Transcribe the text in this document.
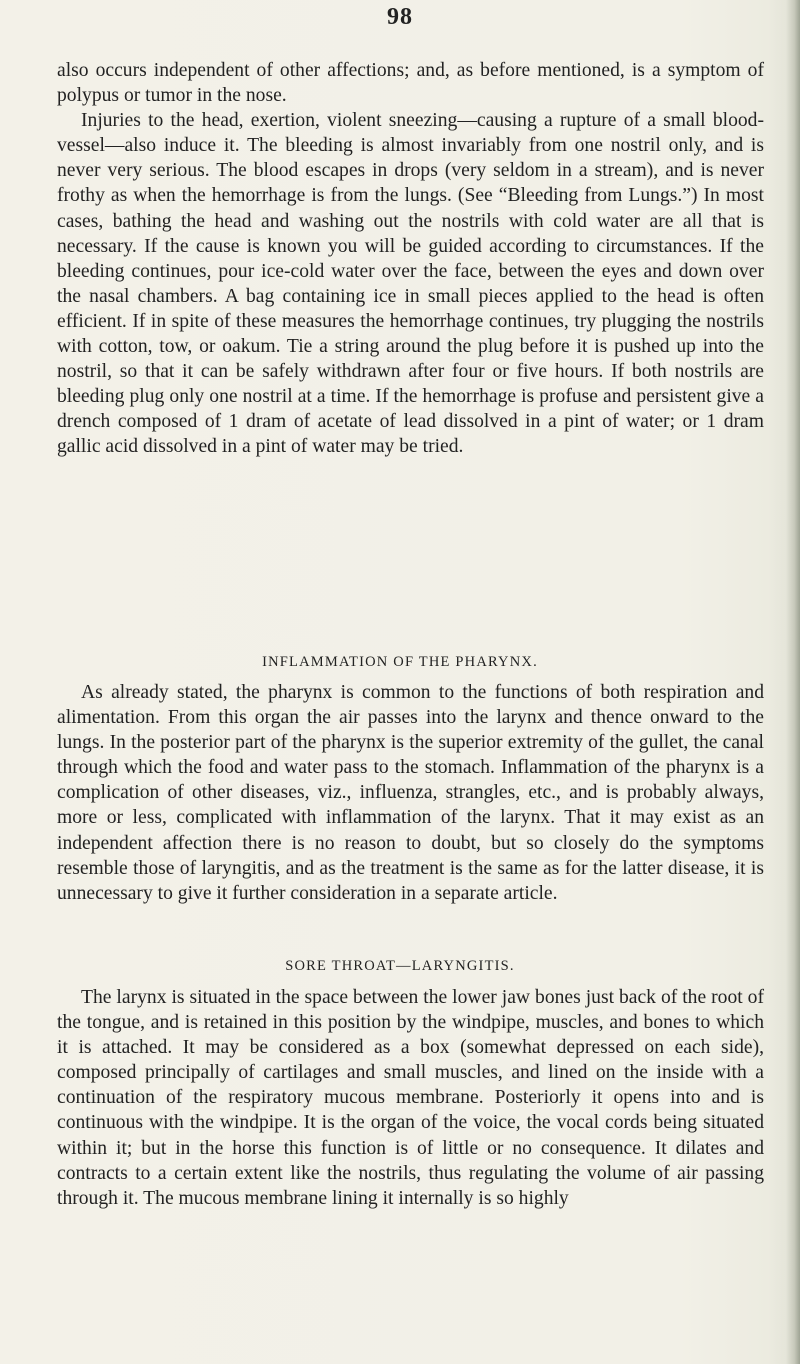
98

also occurs independent of other affections; and, as before mentioned, is a symptom of polypus or tumor in the nose.

Injuries to the head, exertion, violent sneezing—causing a rupture of a small blood-vessel—also induce it. The bleeding is almost invariably from one nostril only, and is never very serious. The blood escapes in drops (very seldom in a stream), and is never frothy as when the hemorrhage is from the lungs. (See “Bleeding from Lungs.”) In most cases, bathing the head and washing out the nostrils with cold water are all that is necessary. If the cause is known you will be guided according to circumstances. If the bleeding continues, pour ice-cold water over the face, between the eyes and down over the nasal chambers. A bag containing ice in small pieces applied to the head is often efficient. If in spite of these measures the hemorrhage continues, try plugging the nostrils with cotton, tow, or oakum. Tie a string around the plug before it is pushed up into the nostril, so that it can be safely withdrawn after four or five hours. If both nostrils are bleeding plug only one nostril at a time. If the hemorrhage is profuse and persistent give a drench composed of 1 dram of acetate of lead dissolved in a pint of water; or 1 dram gallic acid dissolved in a pint of water may be tried.

INFLAMMATION OF THE PHARYNX.

As already stated, the pharynx is common to the functions of both respiration and alimentation. From this organ the air passes into the larynx and thence onward to the lungs. In the posterior part of the pharynx is the superior extremity of the gullet, the canal through which the food and water pass to the stomach. Inflammation of the pharynx is a complication of other diseases, viz., influenza, strangles, etc., and is probably always, more or less, complicated with inflammation of the larynx. That it may exist as an independent affection there is no reason to doubt, but so closely do the symptoms resemble those of laryngitis, and as the treatment is the same as for the latter disease, it is unnecessary to give it further consideration in a separate article.

SORE THROAT—LARYNGITIS.

The larynx is situated in the space between the lower jaw bones just back of the root of the tongue, and is retained in this position by the windpipe, muscles, and bones to which it is attached. It may be considered as a box (somewhat depressed on each side), composed principally of cartilages and small muscles, and lined on the inside with a continuation of the respiratory mucous membrane. Posteriorly it opens into and is continuous with the windpipe. It is the organ of the voice, the vocal cords being situated within it; but in the horse this function is of little or no consequence. It dilates and contracts to a certain extent like the nostrils, thus regulating the volume of air passing through it. The mucous membrane lining it internally is so highly
